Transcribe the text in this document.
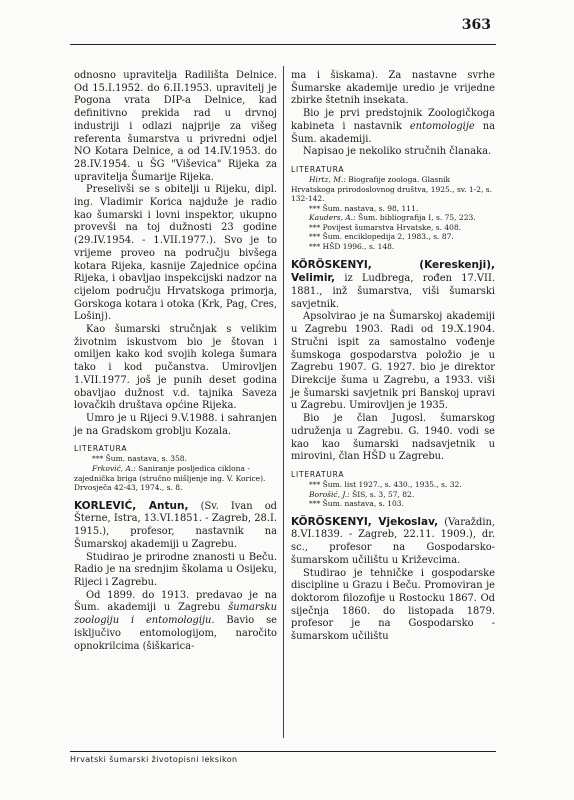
363

odnosno upravitelja Radilišta Delnice. Od 15.I.1952. do 6.II.1953. upravitelj je Pogona vrata DIP-a Delnice, kad definitivno prekida rad u drvnoj industriji i odlazi najprije za višeg referenta šumarstva u privredni odjel NO Kotara Delnice, a od 14.IV.1953. do 28.IV.1954. u ŠG "Viševica" Rijeka za upravitelja Šumarije Rijeka.

Preselivši se s obitelji u Rijeku, dipl. ing. Vladimir Korica najduže je radio kao šumarski i lovni inspektor, ukupno provevši na toj dužnosti 23 godine (29.IV.1954. - 1.VII.1977.). Svo je to vrijeme proveo na području bivšega kotara Rijeka, kasnije Zajednice općina Rijeka, i obavljao inspekcijski nadzor na cijelom području Hrvatskoga primorja, Gorskoga kotara i otoka (Krk, Pag, Cres, Lošinj).

Kao šumarski stručnjak s velikim životnim iskustvom bio je štovan i omiljen kako kod svojih kolega šumara tako i kod pučanstva. Umirovljen 1.VII.1977. još je punih deset godina obavljao dužnost v.d. tajnika Saveza lovačkih društava općine Rijeka.

Umro je u Rijeci 9.V.1988. i sahranjen je na Gradskom groblju Kozala.

LITERATURA
*** Šum. nastava, s. 358.
Frković, A.: Saniranje posljedica ciklona - zajednička briga (stručno mišljenje ing. V. Korice). Drvosječa 42-43, 1974., s. 8.

KORLEVIĆ, Antun, (Sv. Ivan od Šterne, Istra, 13.VI.1851. - Zagreb, 28.I. 1915.), profesor, nastavnik na Šumarskoj akademiji u Zagrebu.

Studirao je prirodne znanosti u Beču. Radio je na srednjim školama u Osijeku, Rijeci i Zagrebu.

Od 1899. do 1913. predavao je na Šum. akademiji u Zagrebu šumarsku zoologiju i entomologiju. Bavio se isključivo entomologijom, naročito opnokrilcima (šiškarica-

ma i šiskama). Za nastavne svrhe Šumarske akademije uredio je vrijedne zbirke štetnih insekata.

Bio je prvi predstojnik Zoologičkoga kabineta i nastavnik entomologije na Šum. akademiji.

Napisao je nekoliko stručnih članaka.

LITERATURA
Hirtz, M.: Biografije zoologa. Glasnik Hrvatskoga prirodoslovnog društva, 1925., sv. 1-2, s. 132-142.
*** Šum. nastava, s. 98, 111.
Kauders, A.: Šum. bibliografija I, s. 75, 223.
*** Povijest šumarstva Hrvatske, s. 408.
*** Šum. enciklopedija 2, 1983., s. 87.
*** HŠD 1996., s. 148.

KÖRÖSKENYI, (Kereskenji), Velimir, iz Ludbrega, rođen 17.VII. 1881., inž šumarstva, viši šumarski savjetnik.

Apsolvirao je na Šumarskoj akademiji u Zagrebu 1903. Radi od 19.X.1904. Stručni ispit za samostalno vođenje šumskoga gospodarstva položio je u Zagrebu 1907. G. 1927. bio je direktor Direkcije šuma u Zagrebu, a 1933. viši je šumarski savjetnik pri Banskoj upravi u Zagrebu. Umirovljen je 1935.

Bio je član Jugosl. šumarskog udruženja u Zagrebu. G. 1940. vodi se kao kao šumarski nadsavjetnik u mirovini, član HŠD u Zagrebu.

LITERATURA
*** Šum. list 1927., s. 430., 1935., s. 32.
Borošić, J.: ŠIS, s. 3, 57, 82.
*** Šum. nastava, s. 103.

KÖRÖSKENYI, Vjekoslav, (Varaždin, 8.VI.1839. - Zagreb, 22.11. 1909.), dr. sc., profesor na Gospodarsko-šumarskom učilištu u Križevcima.

Studirao je tehničke i gospodarske discipline u Grazu i Beču. Promoviran je doktorom filozofije u Rostocku 1867. Od siječnja 1860. do listopada 1879. profesor je na Gospodarsko - šumarskom učilištu

Hrvatski šumarski životopisni leksikon
